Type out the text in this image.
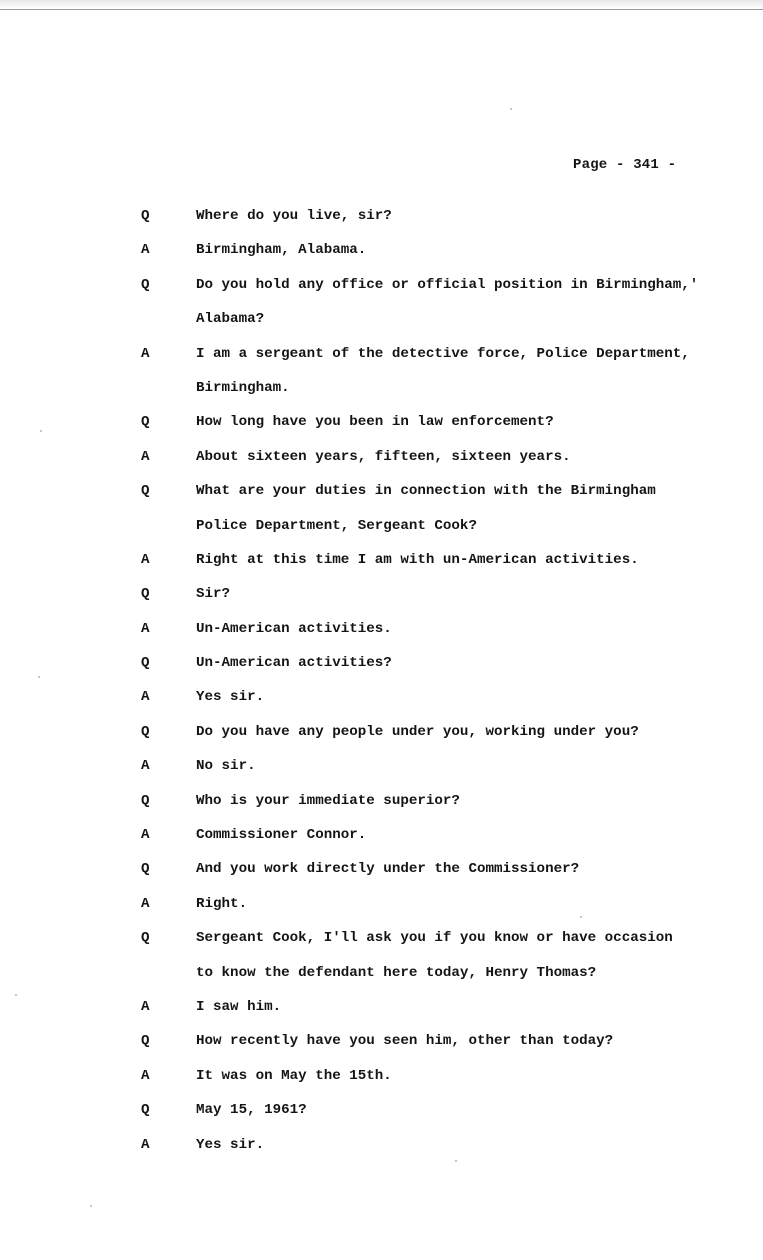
Page - 341 -
Q	Where do you live, sir?
A	Birmingham, Alabama.
Q	Do you hold any office or official position in Birmingham,'
Alabama?
A	I am a sergeant of the detective force, Police Department,
Birmingham.
Q	How long have you been in law enforcement?
A	About sixteen years, fifteen, sixteen years.
Q	What are your duties in connection with the Birmingham
Police Department, Sergeant Cook?
A	Right at this time I am with un-American activities.
Q	Sir?
A	Un-American activities.
Q	Un-American activities?
A	Yes sir.
Q	Do you have any people under you, working under you?
A	No sir.
Q	Who is your immediate superior?
A	Commissioner Connor.
Q	And you work directly under the Commissioner?
A	Right.
Q	Sergeant Cook, I'll ask you if you know or have occasion
to know the defendant here today, Henry Thomas?
A	I saw him.
Q	How recently have you seen him, other than today?
A	It was on May the 15th.
Q	May 15, 1961?
A	Yes sir.
